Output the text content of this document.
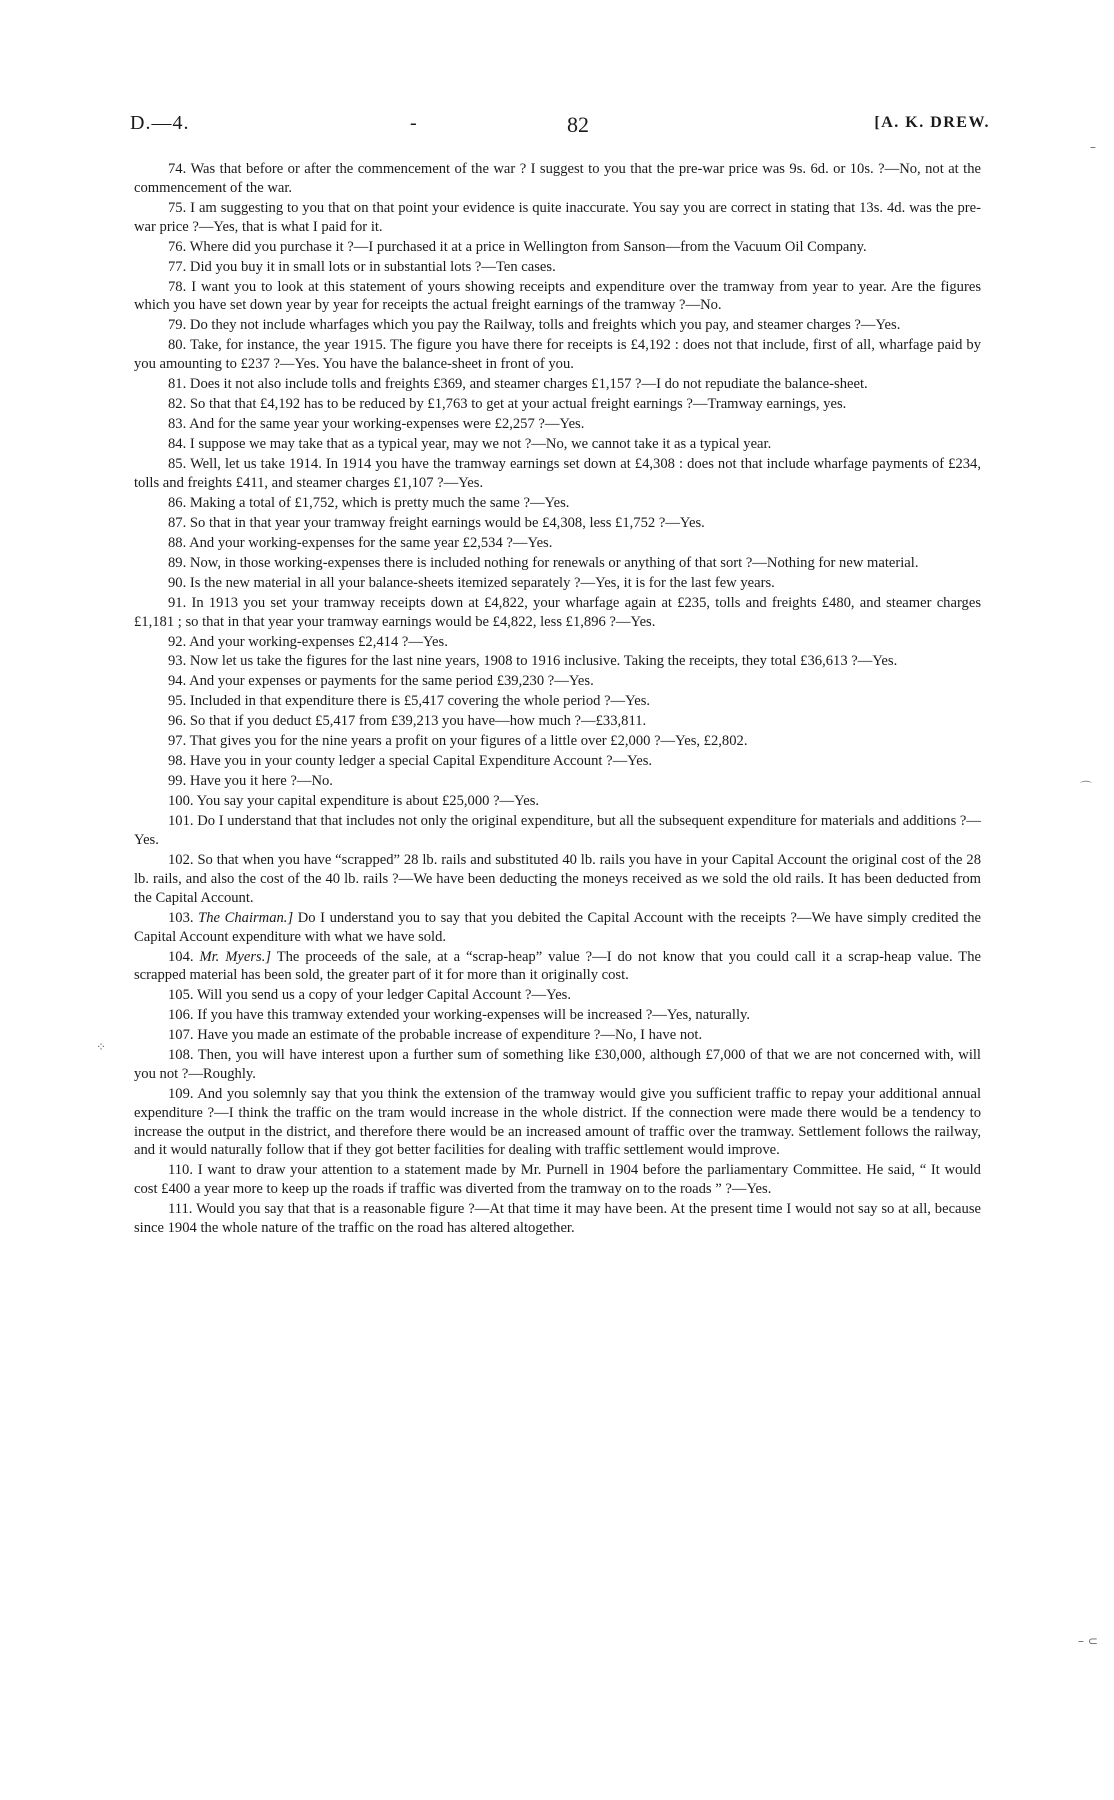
D.—4.	-	82	[A. K. DREW.
–
⌒
⁘
– ⊂

74. Was that before or after the commencement of the war ? I suggest to you that the pre-war price was 9s. 6d. or 10s. ?—No, not at the commencement of the war.

75. I am suggesting to you that on that point your evidence is quite inaccurate. You say you are correct in stating that 13s. 4d. was the pre-war price ?—Yes, that is what I paid for it.

76. Where did you purchase it ?—I purchased it at a price in Wellington from Sanson—from the Vacuum Oil Company.

77. Did you buy it in small lots or in substantial lots ?—Ten cases.

78. I want you to look at this statement of yours showing receipts and expenditure over the tramway from year to year. Are the figures which you have set down year by year for receipts the actual freight earnings of the tramway ?—No.

79. Do they not include wharfages which you pay the Railway, tolls and freights which you pay, and steamer charges ?—Yes.

80. Take, for instance, the year 1915. The figure you have there for receipts is £4,192 : does not that include, first of all, wharfage paid by you amounting to £237 ?—Yes. You have the balance-sheet in front of you.

81. Does it not also include tolls and freights £369, and steamer charges £1,157 ?—I do not repudiate the balance-sheet.

82. So that that £4,192 has to be reduced by £1,763 to get at your actual freight earnings ?—Tramway earnings, yes.

83. And for the same year your working-expenses were £2,257 ?—Yes.

84. I suppose we may take that as a typical year, may we not ?—No, we cannot take it as a typical year.

85. Well, let us take 1914. In 1914 you have the tramway earnings set down at £4,308 : does not that include wharfage payments of £234, tolls and freights £411, and steamer charges £1,107 ?—Yes.

86. Making a total of £1,752, which is pretty much the same ?—Yes.

87. So that in that year your tramway freight earnings would be £4,308, less £1,752 ?—Yes.

88. And your working-expenses for the same year £2,534 ?—Yes.

89. Now, in those working-expenses there is included nothing for renewals or anything of that sort ?—Nothing for new material.

90. Is the new material in all your balance-sheets itemized separately ?—Yes, it is for the last few years.

91. In 1913 you set your tramway receipts down at £4,822, your wharfage again at £235, tolls and freights £480, and steamer charges £1,181 ; so that in that year your tramway earnings would be £4,822, less £1,896 ?—Yes.

92. And your working-expenses £2,414 ?—Yes.

93. Now let us take the figures for the last nine years, 1908 to 1916 inclusive. Taking the receipts, they total £36,613 ?—Yes.

94. And your expenses or payments for the same period £39,230 ?—Yes.

95. Included in that expenditure there is £5,417 covering the whole period ?—Yes.

96. So that if you deduct £5,417 from £39,213 you have—how much ?—£33,811.

97. That gives you for the nine years a profit on your figures of a little over £2,000 ?—Yes, £2,802.

98. Have you in your county ledger a special Capital Expenditure Account ?—Yes.

99. Have you it here ?—No.

100. You say your capital expenditure is about £25,000 ?—Yes.

101. Do I understand that that includes not only the original expenditure, but all the subsequent expenditure for materials and additions ?—Yes.

102. So that when you have “scrapped” 28 lb. rails and substituted 40 lb. rails you have in your Capital Account the original cost of the 28 lb. rails, and also the cost of the 40 lb. rails ?—We have been deducting the moneys received as we sold the old rails. It has been deducted from the Capital Account.

103. The Chairman.] Do I understand you to say that you debited the Capital Account with the receipts ?—We have simply credited the Capital Account expenditure with what we have sold.

104. Mr. Myers.] The proceeds of the sale, at a “scrap-heap” value ?—I do not know that you could call it a scrap-heap value. The scrapped material has been sold, the greater part of it for more than it originally cost.

105. Will you send us a copy of your ledger Capital Account ?—Yes.

106. If you have this tramway extended your working-expenses will be increased ?—Yes, naturally.

107. Have you made an estimate of the probable increase of expenditure ?—No, I have not.

108. Then, you will have interest upon a further sum of something like £30,000, although £7,000 of that we are not concerned with, will you not ?—Roughly.

109. And you solemnly say that you think the extension of the tramway would give you sufficient traffic to repay your additional annual expenditure ?—I think the traffic on the tram would increase in the whole district. If the connection were made there would be a tendency to increase the output in the district, and therefore there would be an increased amount of traffic over the tramway. Settlement follows the railway, and it would naturally follow that if they got better facilities for dealing with traffic settlement would improve.

110. I want to draw your attention to a statement made by Mr. Purnell in 1904 before the parliamentary Committee. He said, “ It would cost £400 a year more to keep up the roads if traffic was diverted from the tramway on to the roads ” ?—Yes.

111. Would you say that that is a reasonable figure ?—At that time it may have been. At the present time I would not say so at all, because since 1904 the whole nature of the traffic on the road has altered altogether.
